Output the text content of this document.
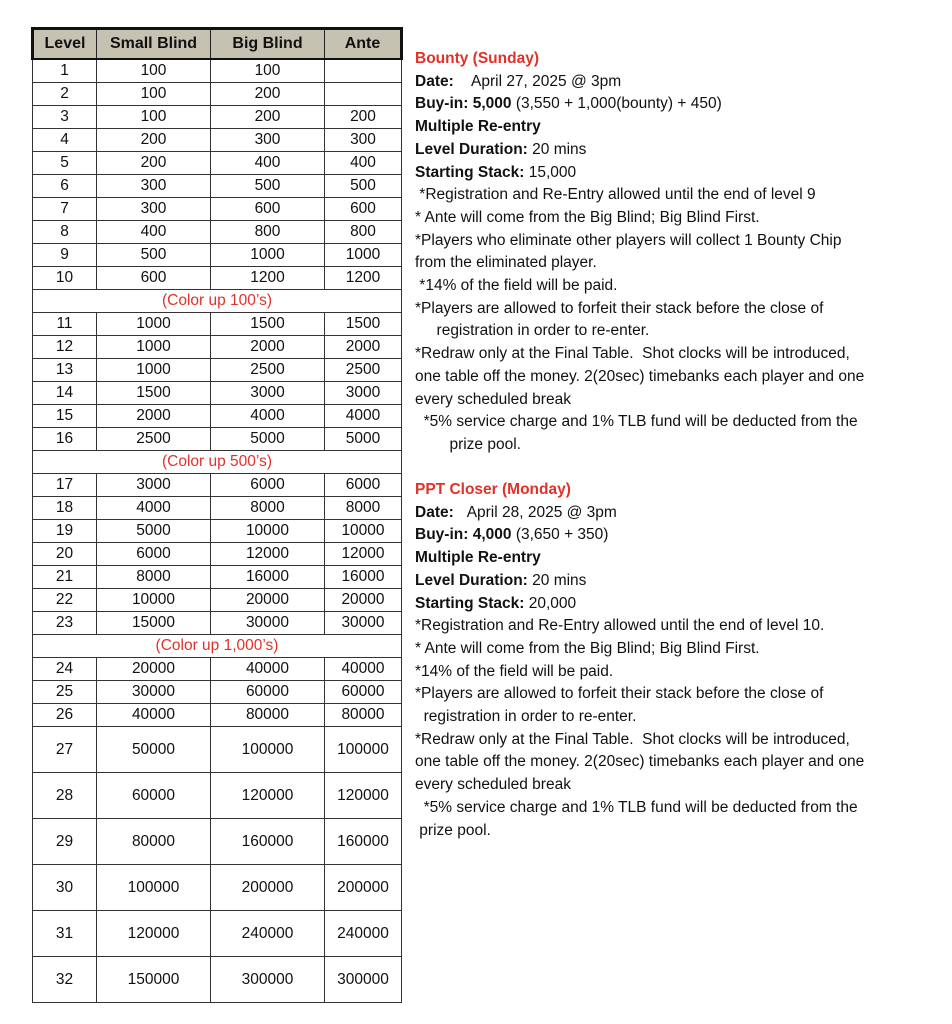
Level	Small Blind	Big Blind	Ante
1	100	100	
2	100	200	
3	100	200	200
4	200	300	300
5	200	400	400
6	300	500	500
7	300	600	600
8	400	800	800
9	500	1000	1000
10	600	1200	1200
(Color up 100’s)			
11	1000	1500	1500
12	1000	2000	2000
13	1000	2500	2500
14	1500	3000	3000
15	2000	4000	4000
16	2500	5000	5000
(Color up 500’s)			
17	3000	6000	6000
18	4000	8000	8000
19	5000	10000	10000
20	6000	12000	12000
21	8000	16000	16000
22	10000	20000	20000
23	15000	30000	30000
(Color up 1,000’s)			
24	20000	40000	40000
25	30000	60000	60000
26	40000	80000	80000
27	50000	100000	100000
28	60000	120000	120000
29	80000	160000	160000
30	100000	200000	200000
31	120000	240000	240000
32	150000	300000	300000
Bounty (Sunday)
Date: April 27, 2025 @ 3pm
Buy-in: 5,000 (3,550 + 1,000(bounty) + 450)
Multiple Re-entry
Level Duration: 20 mins
Starting Stack: 15,000
*Registration and Re-Entry allowed until the end of level 9
* Ante will come from the Big Blind; Big Blind First.
*Players who eliminate other players will collect 1 Bounty Chip
from the eliminated player.
*14% of the field will be paid.
*Players are allowed to forfeit their stack before the close of
registration in order to re-enter.
*Redraw only at the Final Table.  Shot clocks will be introduced,
one table off the money. 2(20sec) timebanks each player and one
every scheduled break
*5% service charge and 1% TLB fund will be deducted from the
prize pool.
PPT Closer (Monday)
Date: April 28, 2025 @ 3pm
Buy-in: 4,000 (3,650 + 350)
Multiple Re-entry
Level Duration: 20 mins
Starting Stack: 20,000
*Registration and Re-Entry allowed until the end of level 10.
* Ante will come from the Big Blind; Big Blind First.
*14% of the field will be paid.
*Players are allowed to forfeit their stack before the close of
registration in order to re-enter.
*Redraw only at the Final Table.  Shot clocks will be introduced,
one table off the money. 2(20sec) timebanks each player and one
every scheduled break
*5% service charge and 1% TLB fund will be deducted from the
prize pool.
